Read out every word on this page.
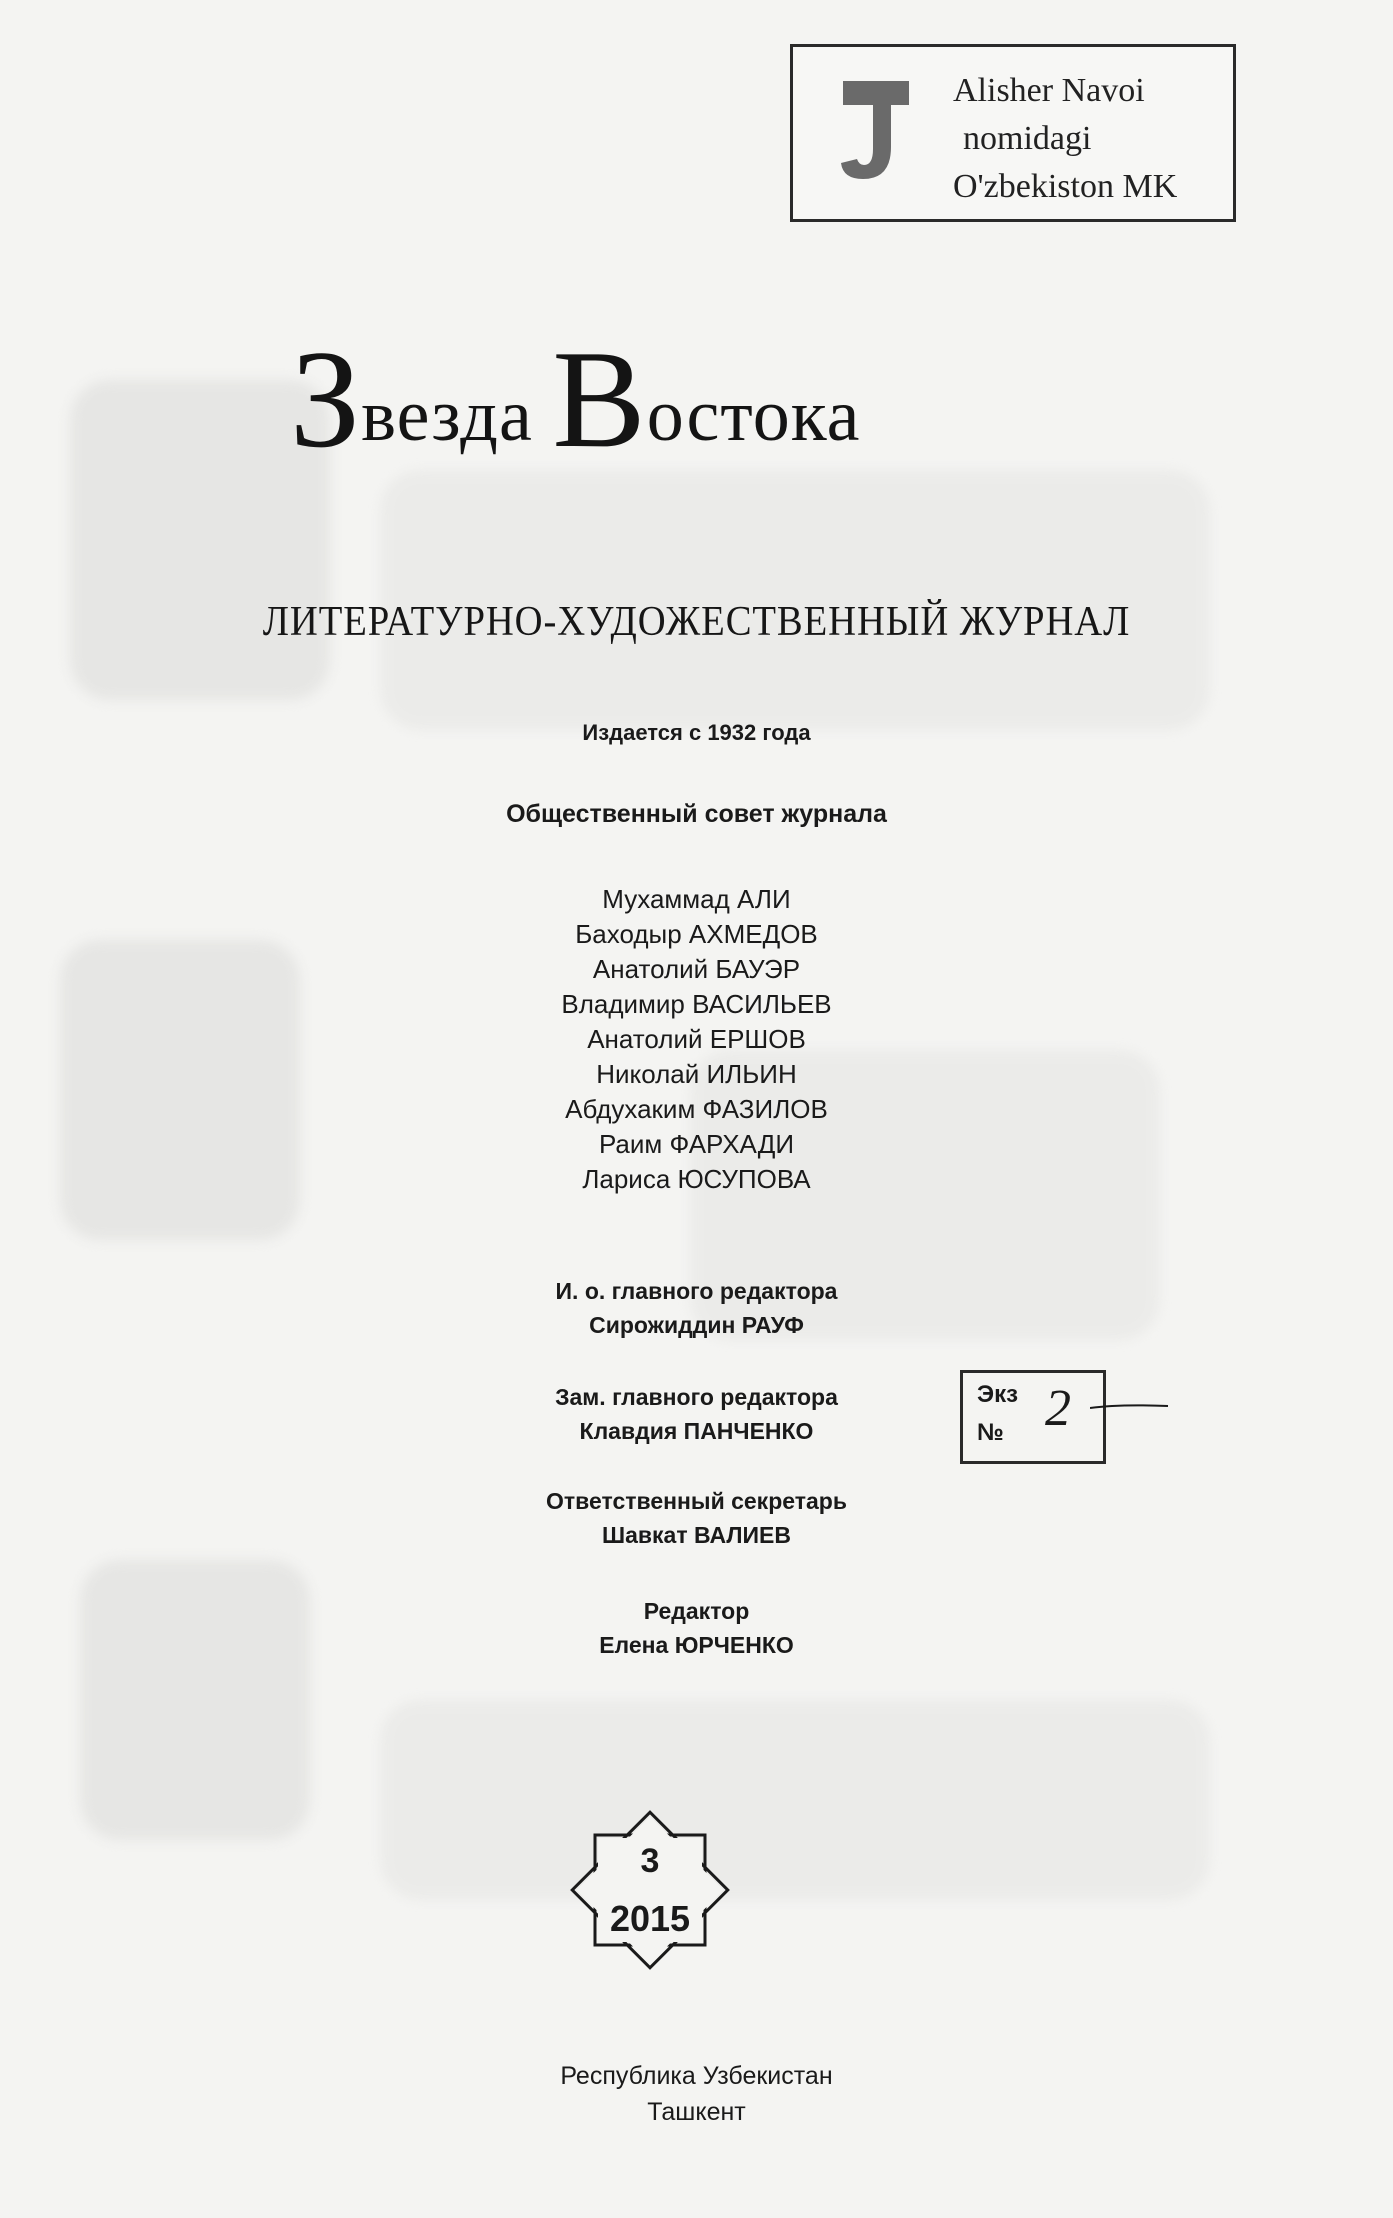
Alisher Navoi
nomidagi
O'zbekiston MK
Звезда Востока
ЛИТЕРАТУРНО-ХУДОЖЕСТВЕННЫЙ ЖУРНАЛ
Издается с 1932 года
Общественный совет журнала
Мухаммад АЛИ
Баходыр АХМЕДОВ
Анатолий БАУЭР
Владимир ВАСИЛЬЕВ
Анатолий ЕРШОВ
Николай ИЛЬИН
Абдухаким ФАЗИЛОВ
Раим ФАРХАДИ
Лариса ЮСУПОВА
И. о. главного редактора
Сирожиддин РАУФ
Зам. главного редактора
Клавдия ПАНЧЕНКО
Ответственный секретарь
Шавкат ВАЛИЕВ
Редактор
Елена ЮРЧЕНКО
Экз
№ 2
3
2015
Республика Узбекистан
Ташкент
